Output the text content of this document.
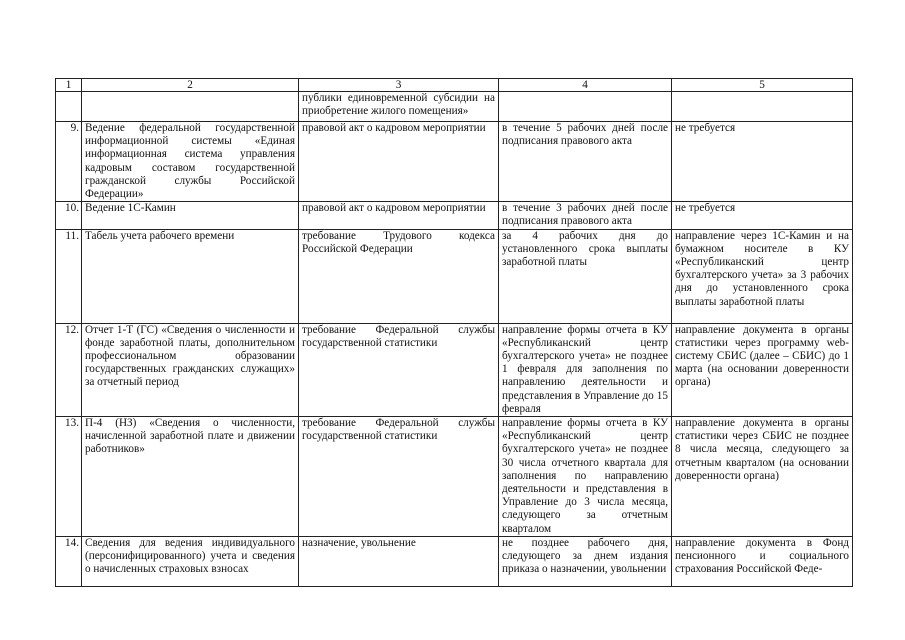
1	2	3	4	5
		публики единовременной субсидии на приобретение жилого помещения»		
9.	Ведение федеральной государственной информационной системы «Единая информационная система управления кадровым составом государственной гражданской службы Российской Федерации»	правовой акт о кадровом мероприятии	в течение 5 рабочих дней после подписания правового акта	не требуется
10.	Ведение 1С-Камин	правовой акт о кадровом мероприятии	в течение 3 рабочих дней после подписания правового акта	не требуется
11.	Табель учета рабочего времени	требование Трудового кодекса Российской Федерации	за 4 рабочих дня до установленного срока выплаты заработной платы	направление через 1С-Камин и на бумажном носителе в КУ «Республиканский центр бухгалтерского учета» за 3 рабочих дня до установленного срока выплаты заработной платы
12.	Отчет 1-Т (ГС) «Сведения о численности и фонде заработной платы, дополнительном профессиональном образовании государственных гражданских служащих» за отчетный период	требование Федеральной службы государственной статистики	направление формы отчета в КУ «Республиканский центр бухгалтерского учета» не позднее 1 февраля для заполнения по направлению деятельности и представления в Управление до 15 февраля	направление документа в органы статистики через программу web-систему СБИС (далее – СБИС) до 1 марта (на основании доверенности органа)
13.	П-4 (НЗ) «Сведения о численности, начисленной заработной плате и движении работников»	требование Федеральной службы государственной статистики	направление формы отчета в КУ «Республиканский центр бухгалтерского учета» не позднее 30 числа отчетного квартала для заполнения по направлению деятельности и представления в Управление до 3 числа месяца, следующего за отчетным кварталом	направление документа в органы статистики через СБИС не позднее 8 числа месяца, следующего за отчетным кварталом (на основании доверенности органа)
14.	Сведения для ведения индивидуального (персонифицированного) учета и сведения о начисленных страховых взносах	назначение, увольнение	не позднее рабочего дня, следующего за днем издания приказа о назначении, увольнении	направление документа в Фонд пенсионного и социального страхования Российской Феде-
